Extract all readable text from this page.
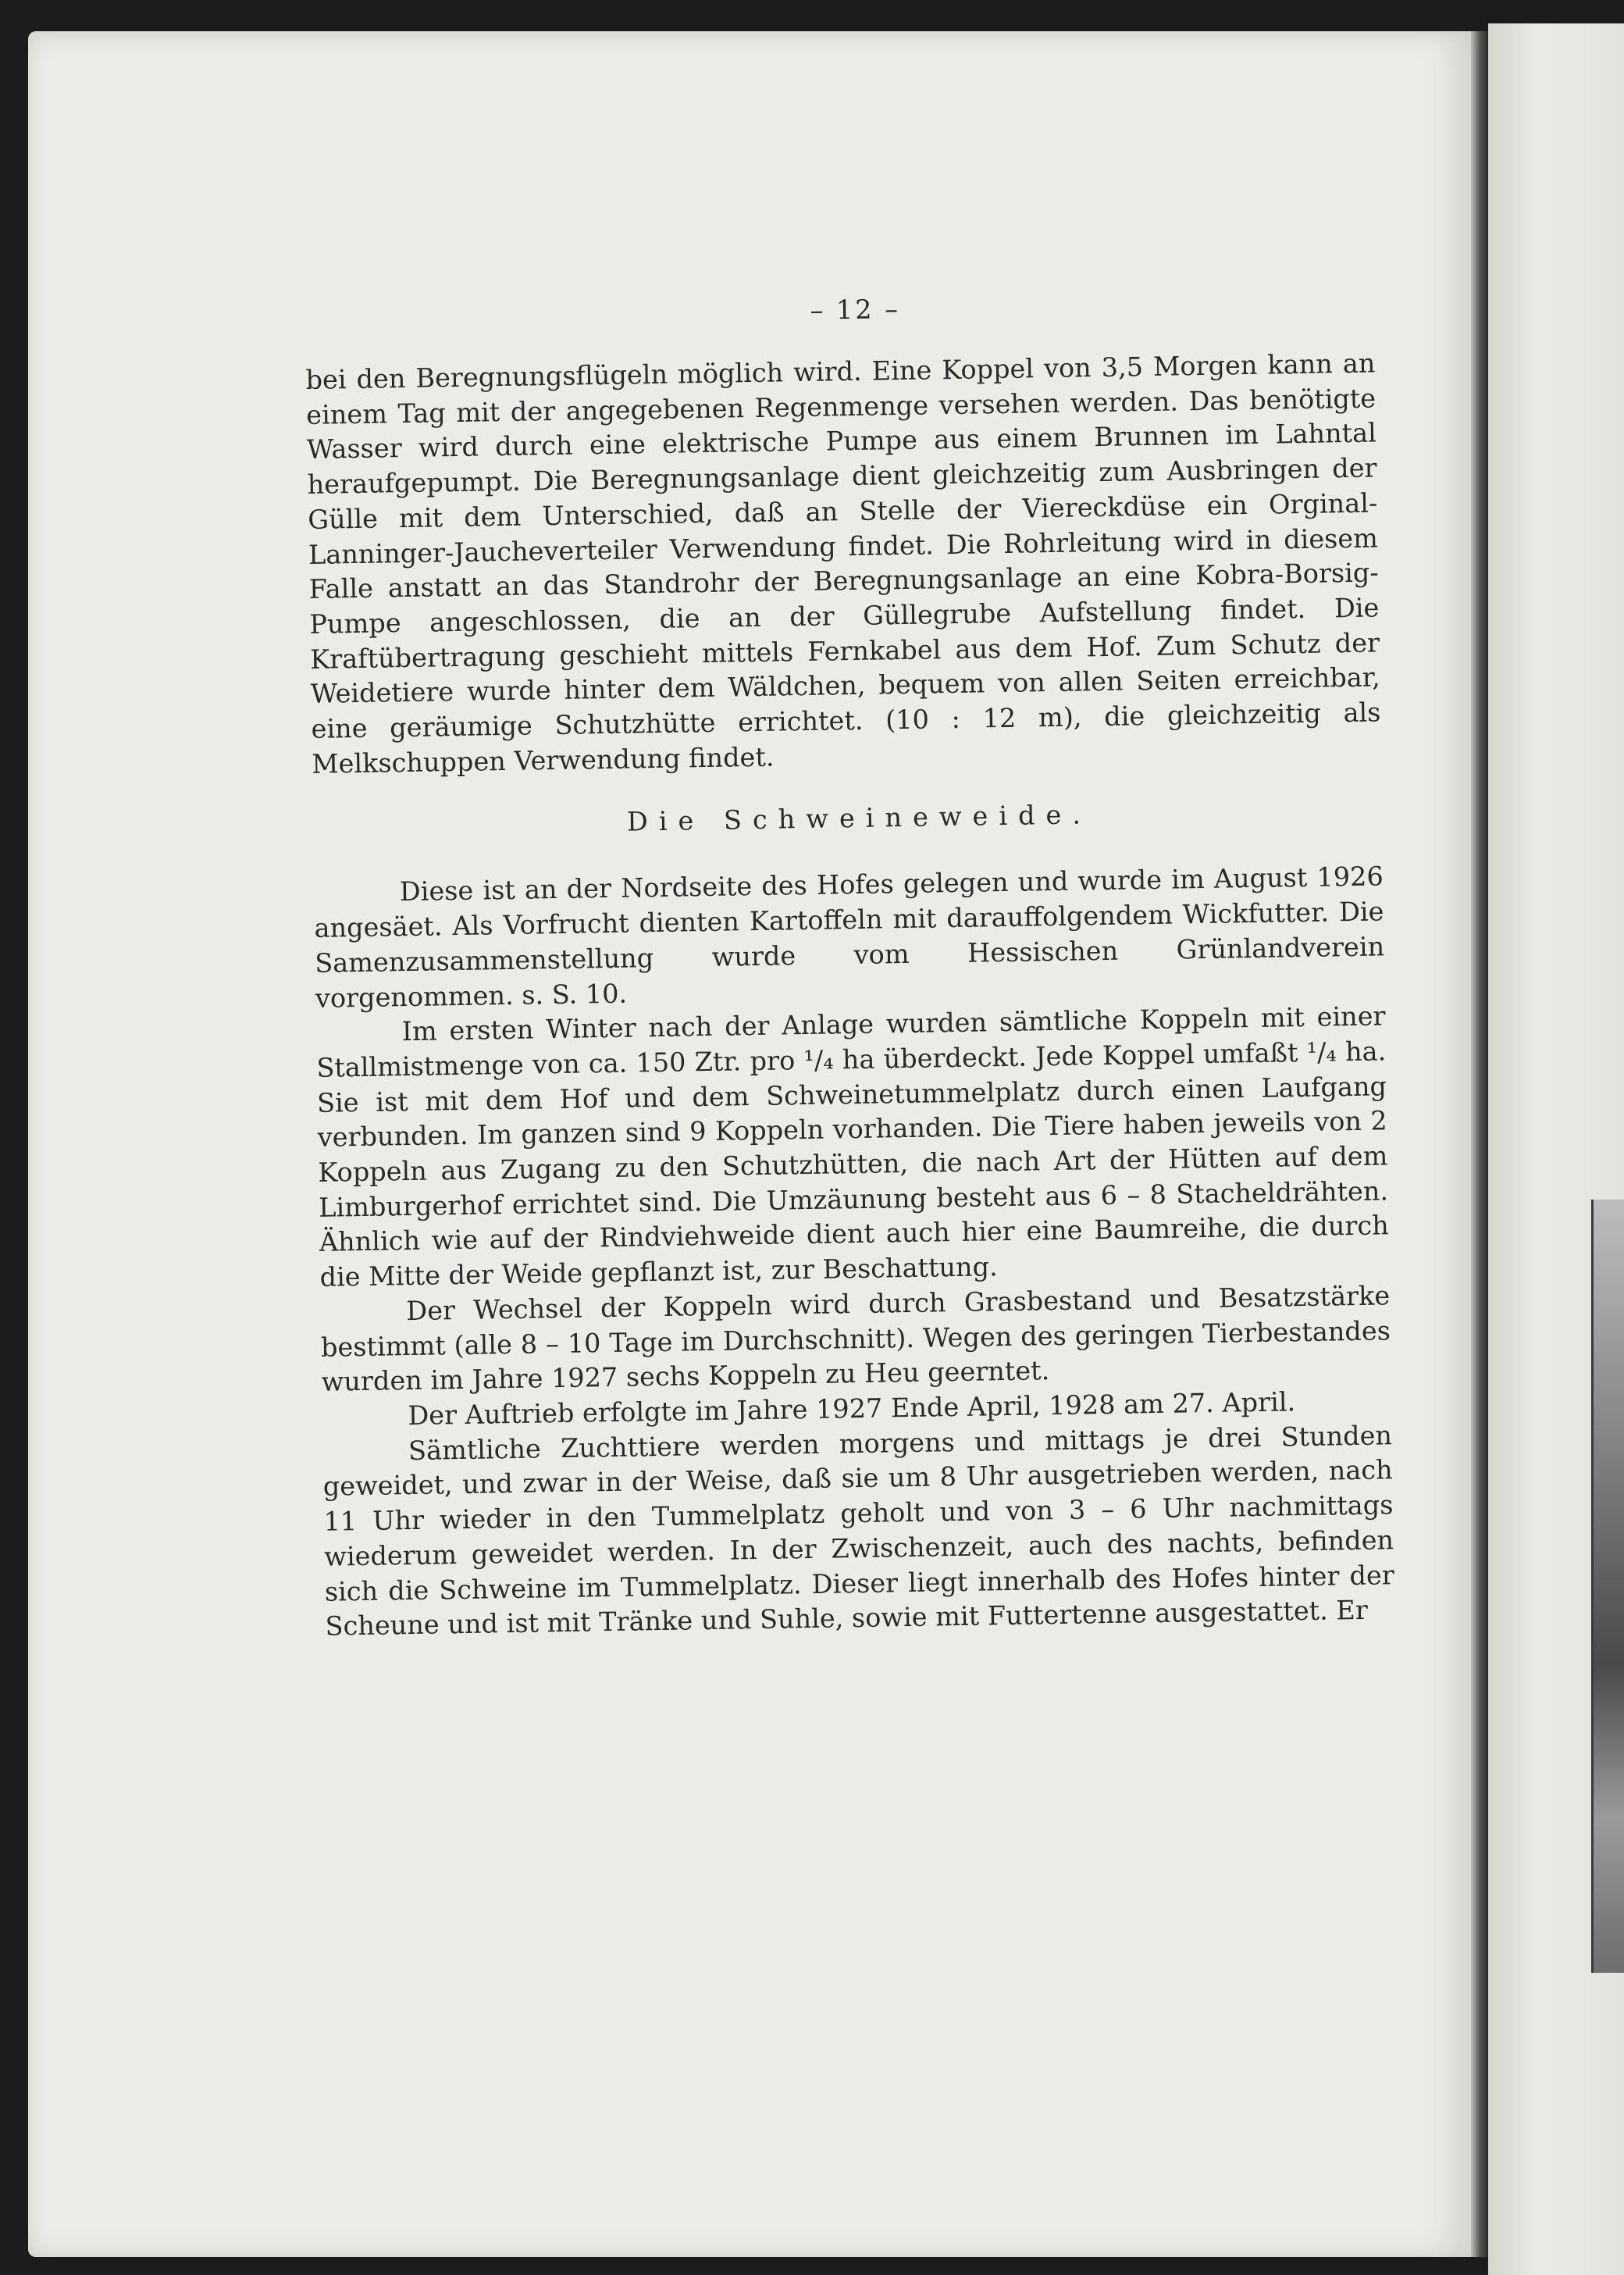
– 12 –

bei den Beregnungsflügeln möglich wird. Eine Koppel von 3,5 Morgen kann an einem Tag mit der angegebenen Regenmenge versehen werden. Das benötigte Wasser wird durch eine elektrische Pumpe aus einem Brunnen im Lahntal heraufgepumpt. Die Beregnungsanlage dient gleichzeitig zum Ausbringen der Gülle mit dem Unterschied, daß an Stelle der Viereckdüse ein Orginal-Lanninger-Jaucheverteiler Verwendung findet. Die Rohrleitung wird in diesem Falle anstatt an das Standrohr der Beregnungsanlage an eine Kobra-Borsig-Pumpe angeschlossen, die an der Güllegrube Aufstellung findet. Die Kraftübertragung geschieht mittels Fernkabel aus dem Hof. Zum Schutz der Weidetiere wurde hinter dem Wäldchen, bequem von allen Seiten erreichbar, eine geräumige Schutzhütte errichtet. (10 : 12 m), die gleichzeitig als Melkschuppen Verwendung findet.

Die Schweineweide.

Diese ist an der Nordseite des Hofes gelegen und wurde im August 1926 angesäet. Als Vorfrucht dienten Kartoffeln mit darauffolgendem Wickfutter. Die Samenzusammenstellung wurde vom Hessischen Grünlandverein vorgenommen. s. S. 10.

Im ersten Winter nach der Anlage wurden sämtliche Koppeln mit einer Stallmistmenge von ca. 150 Ztr. pro ¹/₄ ha überdeckt. Jede Koppel umfaßt ¹/₄ ha. Sie ist mit dem Hof und dem Schweinetummelplatz durch einen Laufgang verbunden. Im ganzen sind 9 Koppeln vorhanden. Die Tiere haben jeweils von 2 Koppeln aus Zugang zu den Schutzhütten, die nach Art der Hütten auf dem Limburgerhof errichtet sind. Die Umzäunung besteht aus 6 – 8 Stacheldrähten. Ähnlich wie auf der Rindviehweide dient auch hier eine Baumreihe, die durch die Mitte der Weide gepflanzt ist, zur Beschattung.

Der Wechsel der Koppeln wird durch Grasbestand und Besatzstärke bestimmt (alle 8 – 10 Tage im Durchschnitt). Wegen des geringen Tierbestandes wurden im Jahre 1927 sechs Koppeln zu Heu geerntet.

Der Auftrieb erfolgte im Jahre 1927 Ende April, 1928 am 27. April.

Sämtliche Zuchttiere werden morgens und mittags je drei Stunden geweidet, und zwar in der Weise, daß sie um 8 Uhr ausgetrieben werden, nach 11 Uhr wieder in den Tummelplatz geholt und von 3 – 6 Uhr nachmittags wiederum geweidet werden. In der Zwischenzeit, auch des nachts, befinden sich die Schweine im Tummelplatz. Dieser liegt innerhalb des Hofes hinter der Scheune und ist mit Tränke und Suhle, sowie mit Futtertenne ausgestattet. Er
